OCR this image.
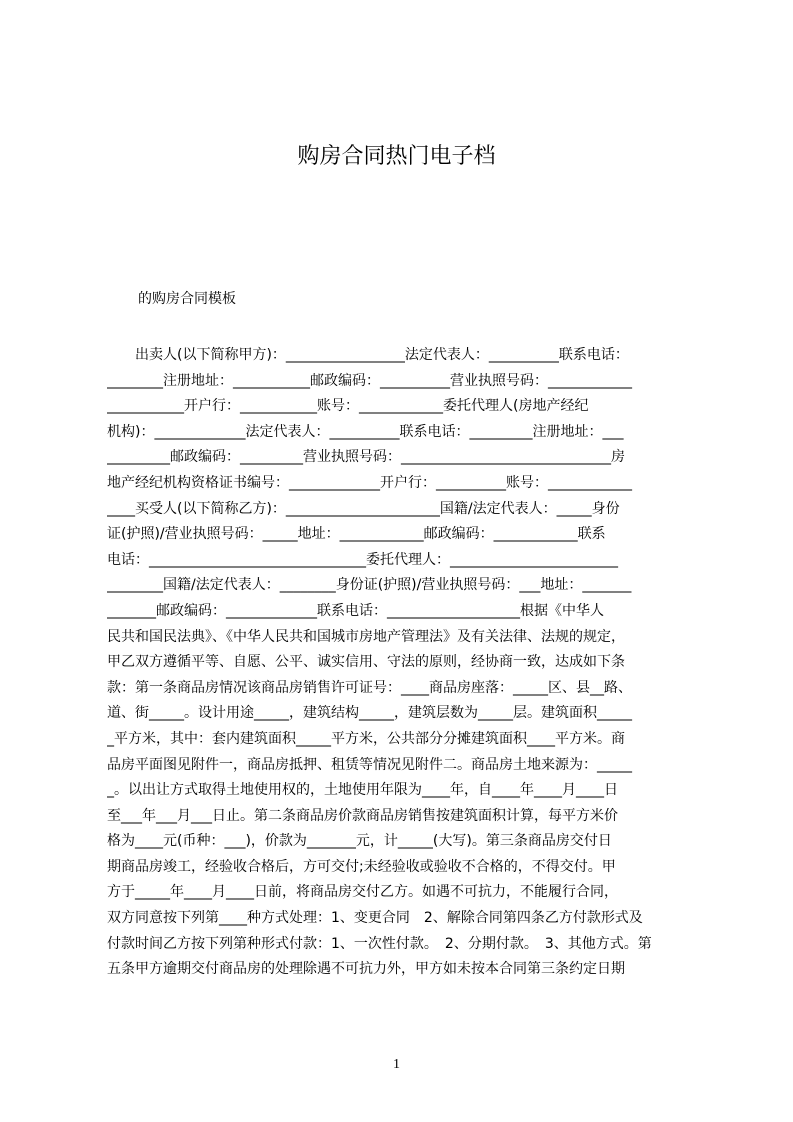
购房合同热门电子档
的购房合同模板
　　出卖人(以下简称甲方)：_________________法定代表人：__________联系电话：
________注册地址：___________邮政编码：__________营业执照号码：____________
___________开户行：___________账号：____________委托代理人(房地产经纪
机构)：_____________法定代表人：__________联系电话：_________注册地址：___
_________邮政编码：_________营业执照号码：______________________________房
地产经纪机构资格证书编号：_____________开户行：__________账号：____________
____买受人(以下简称乙方)：______________________国籍/法定代表人：_____身份
证(护照)/营业执照号码：_____地址：____________邮政编码：____________联系
电话：_______________________________委托代理人：________________________
________国籍/法定代表人：________身份证(护照)/营业执照号码：___地址：_______
_______邮政编码：_____________联系电话：___________________根据《中华人
民共和国民法典》、《中华人民共和国城市房地产管理法》及有关法律、法规的规定，
甲乙双方遵循平等、自愿、公平、诚实信用、守法的原则，经协商一致，达成如下条
款：第一条商品房情况该商品房销售许可证号：____商品房座落：_____区、县__路、
道、街_____。设计用途_____，建筑结构_____，建筑层数为_____层。建筑面积_____
_平方米，其中：套内建筑面积_____平方米，公共部分分摊建筑面积____平方米。商
品房平面图见附件一，商品房抵押、租赁等情况见附件二。商品房土地来源为：_____
_。以出让方式取得土地使用权的，土地使用年限为____年，自____年____月____日
至___年___月___日止。第二条商品房价款商品房销售按建筑面积计算，每平方米价
格为____元(币种：___)，价款为_______元，计_____(大写)。第三条商品房交付日
期商品房竣工，经验收合格后，方可交付;未经验收或验收不合格的，不得交付。甲
方于_____年____月____日前，将商品房交付乙方。如遇不可抗力，不能履行合同，
双方同意按下列第____种方式处理：1、变更合同　2、解除合同第四条乙方付款形式及
付款时间乙方按下列第种形式付款：1、一次性付款。　2、分期付款。　3、其他方式。第
五条甲方逾期交付商品房的处理除遇不可抗力外，甲方如未按本合同第三条约定日期
1
